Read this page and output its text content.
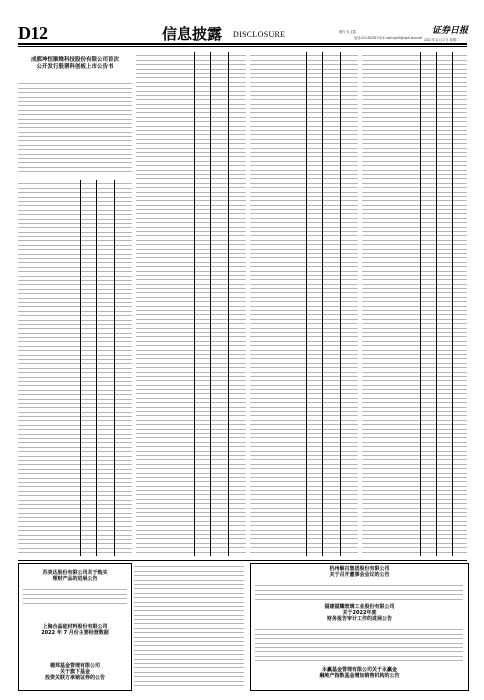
D12	信息披露 DISCLOSURE	制作 朱玉霞
电话:010-83251716 E-mail:zqrb9@zqrb.sina.net
证券日报
2022 年 8 月 2 日 星期二
成都坤恒顺维科技股份有限公司首次
公开发行股票科创板上市公告书
苏美达股份有限公司关于购买
理财产品的进展公告
上海合晶硅材料股份有限公司
2022 年 7 月份主要经营数据
德邦基金管理有限公司
关于旗下基金
投资关联方承销证券的公告
杭州解百集团股份有限公司
关于召开董事会会议的公告
福建福耀玻璃工业股份有限公司
关于2022年度
财务报告审计工作的进展公告
永赢基金管理有限公司关于永赢金
融地产指数基金增加销售机构的公告
